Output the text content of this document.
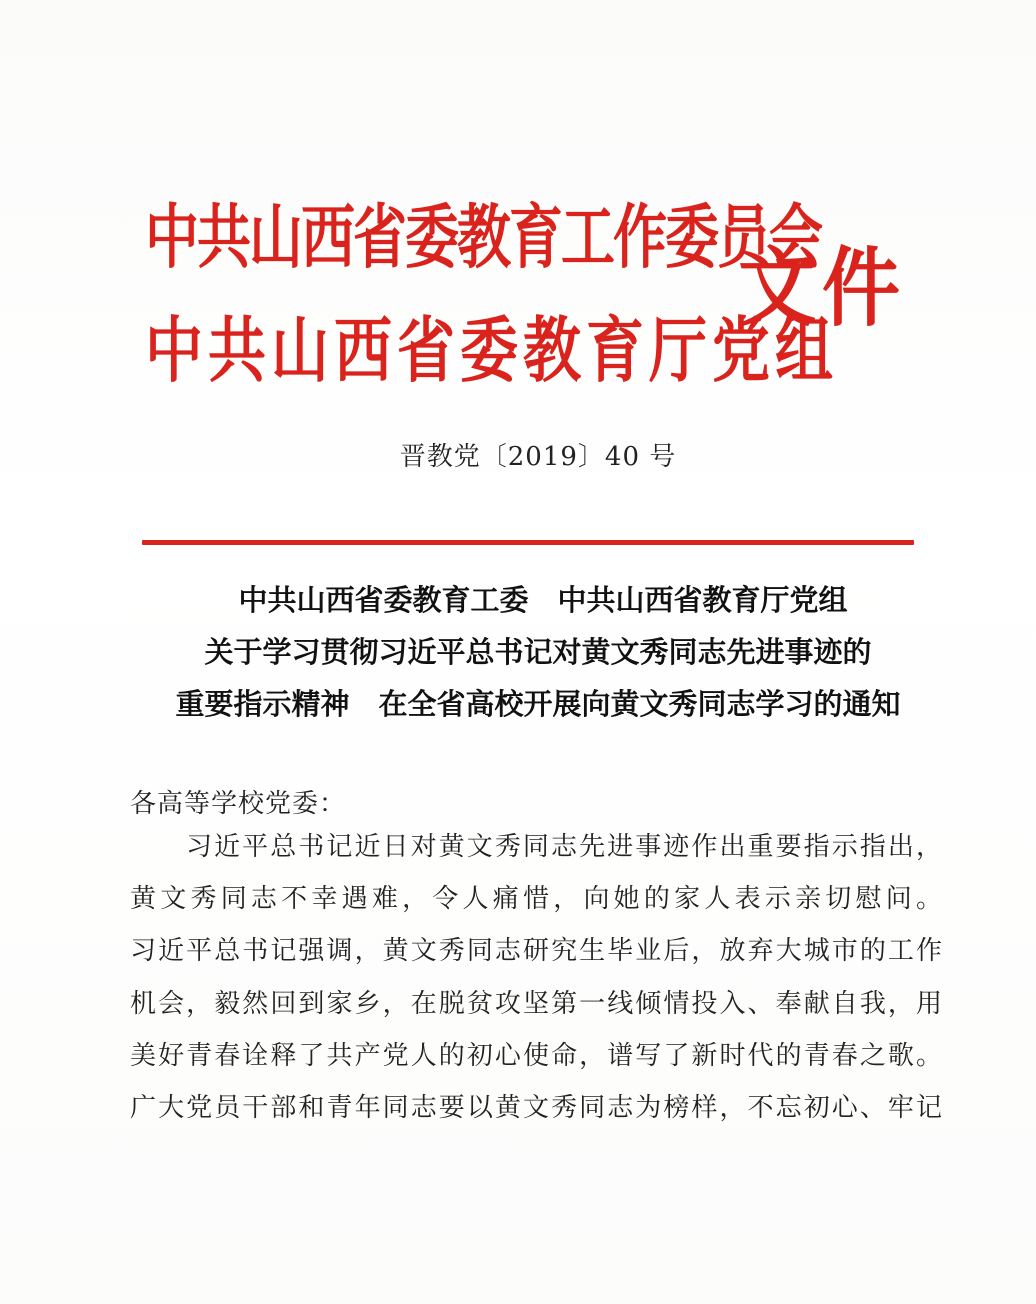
中共山西省委教育工作委员会
中共山西省委教育厅党组
文件
晋教党〔2019〕40 号
中共山西省委教育工委　中共山西省教育厅党组
关于学习贯彻习近平总书记对黄文秀同志先进事迹的
重要指示精神　在全省高校开展向黄文秀同志学习的通知
各高等学校党委：
习近平总书记近日对黄文秀同志先进事迹作出重要指示指出，
黄文秀同志不幸遇难，令人痛惜，向她的家人表示亲切慰问。
习近平总书记强调，黄文秀同志研究生毕业后，放弃大城市的工作
机会，毅然回到家乡，在脱贫攻坚第一线倾情投入、奉献自我，用
美好青春诠释了共产党人的初心使命，谱写了新时代的青春之歌。
广大党员干部和青年同志要以黄文秀同志为榜样，不忘初心、牢记
